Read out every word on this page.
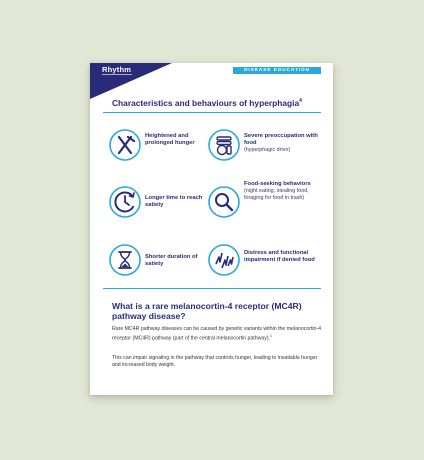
Rhythm	DISEASE EDUCATION
Characteristics and behaviours of hyperphagia$^4$
Heightened and prolonged hunger
Severe preoccupation with food
(hyperphagic drive)
Longer time to reach satiety
Food-seeking behaviors
(night eating, stealing food, foraging for food in trash)
Shorter duration of satiety
Distress and functional impairment if denied food
What is a rare melanocortin-4 receptor (MC4R) pathway disease?
Rare MC4R pathway diseases can be caused by genetic variants within the melanocortin-4 receptor (MC4R) pathway (part of the central melanocortin pathway).$^1$
This can impair signaling in the pathway that controls hunger, leading to insatiable hunger and increased body weight.
